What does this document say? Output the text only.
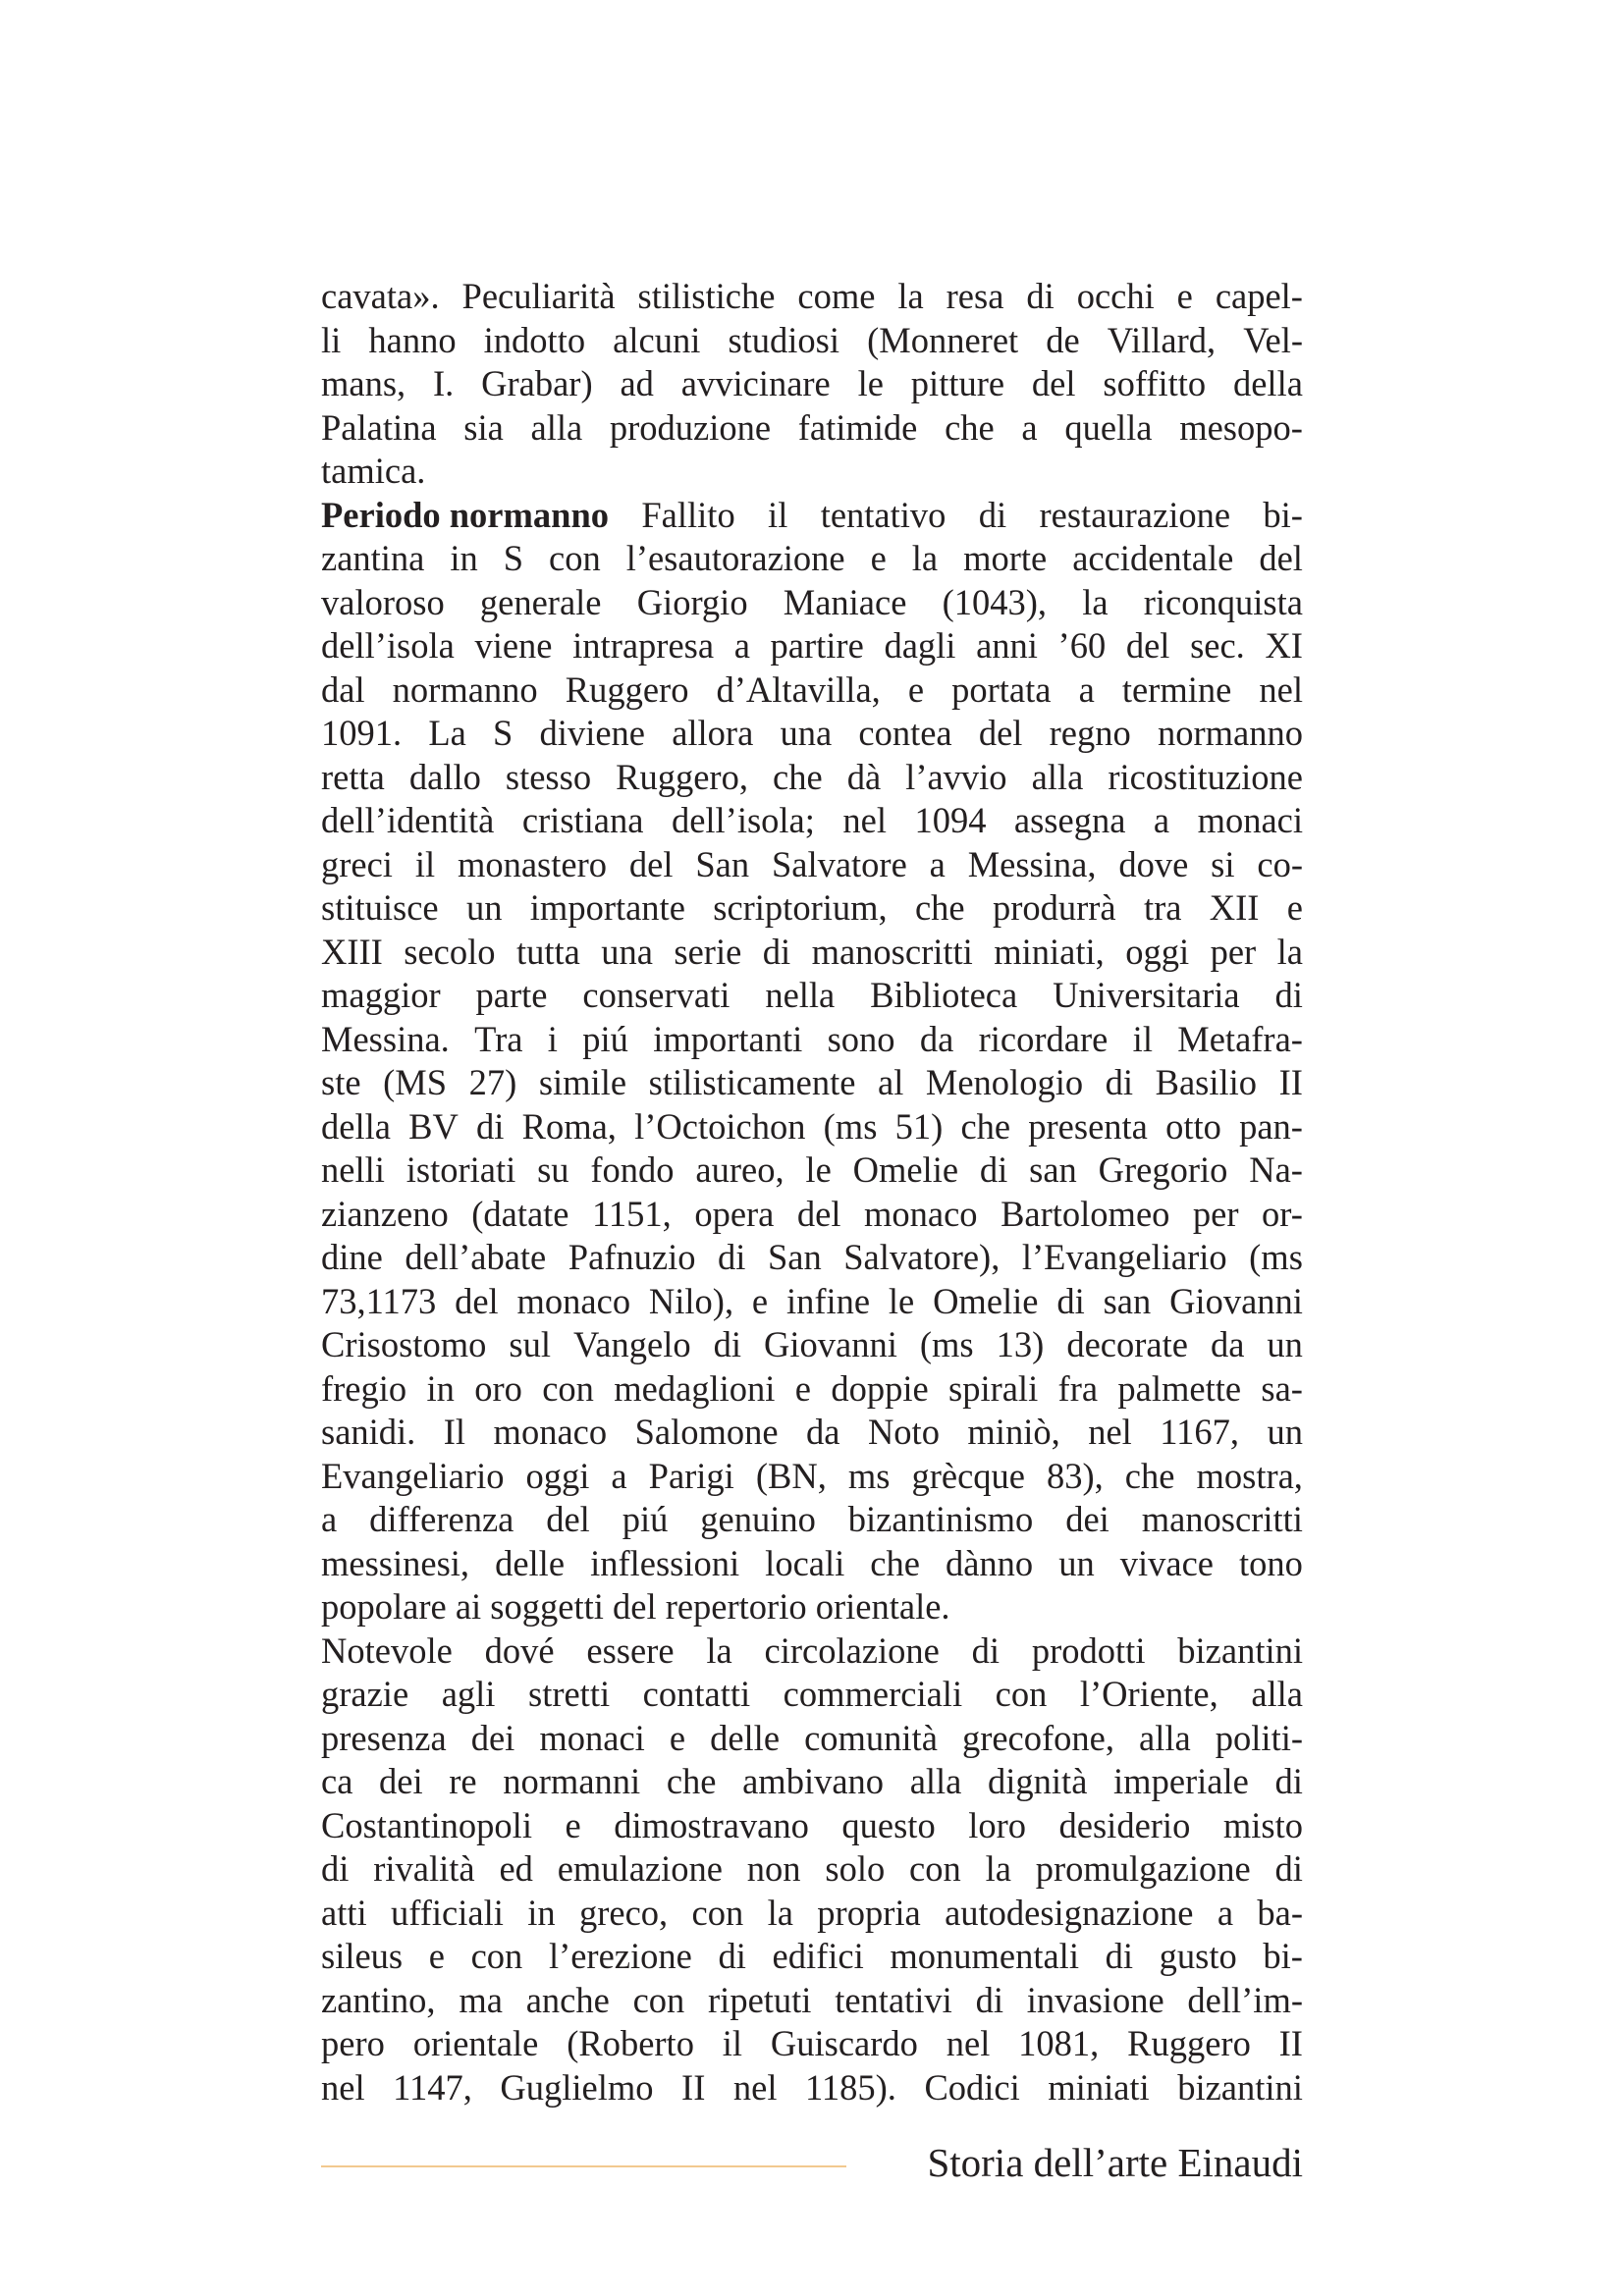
cavata». Peculiarità stilistiche come la resa di occhi e capel-
li hanno indotto alcuni studiosi (Monneret de Villard, Vel-
mans, I. Grabar) ad avvicinare le pitture del soffitto della
Palatina sia alla produzione fatimide che a quella mesopo-
tamica.
Periodo normanno Fallito il tentativo di restaurazione bi-
zantina in S con l’esautorazione e la morte accidentale del
valoroso generale Giorgio Maniace (1043), la riconquista
dell’isola viene intrapresa a partire dagli anni ’60 del sec. XI
dal normanno Ruggero d’Altavilla, e portata a termine nel
1091. La S diviene allora una contea del regno normanno
retta dallo stesso Ruggero, che dà l’avvio alla ricostituzione
dell’identità cristiana dell’isola; nel 1094 assegna a monaci
greci il monastero del San Salvatore a Messina, dove si co-
stituisce un importante scriptorium, che produrrà tra XII e
XIII secolo tutta una serie di manoscritti miniati, oggi per la
maggior parte conservati nella Biblioteca Universitaria di
Messina. Tra i piú importanti sono da ricordare il Metafra-
ste (MS 27) simile stilisticamente al Menologio di Basilio II
della BV di Roma, l’Octoichon (ms 51) che presenta otto pan-
nelli istoriati su fondo aureo, le Omelie di san Gregorio Na-
zianzeno (datate 1151, opera del monaco Bartolomeo per or-
dine dell’abate Pafnuzio di San Salvatore), l’Evangeliario (ms
73,1173 del monaco Nilo), e infine le Omelie di san Giovanni
Crisostomo sul Vangelo di Giovanni (ms 13) decorate da un
fregio in oro con medaglioni e doppie spirali fra palmette sa-
sanidi. Il monaco Salomone da Noto miniò, nel 1167, un
Evangeliario oggi a Parigi (BN, ms grècque 83), che mostra,
a differenza del piú genuino bizantinismo dei manoscritti
messinesi, delle inflessioni locali che dànno un vivace tono
popolare ai soggetti del repertorio orientale.
Notevole dové essere la circolazione di prodotti bizantini
grazie agli stretti contatti commerciali con l’Oriente, alla
presenza dei monaci e delle comunità grecofone, alla politi-
ca dei re normanni che ambivano alla dignità imperiale di
Costantinopoli e dimostravano questo loro desiderio misto
di rivalità ed emulazione non solo con la promulgazione di
atti ufficiali in greco, con la propria autodesignazione a ba-
sileus e con l’erezione di edifici monumentali di gusto bi-
zantino, ma anche con ripetuti tentativi di invasione dell’im-
pero orientale (Roberto il Guiscardo nel 1081, Ruggero II
nel 1147, Guglielmo II nel 1185). Codici miniati bizantini
Storia dell’arte Einaudi
